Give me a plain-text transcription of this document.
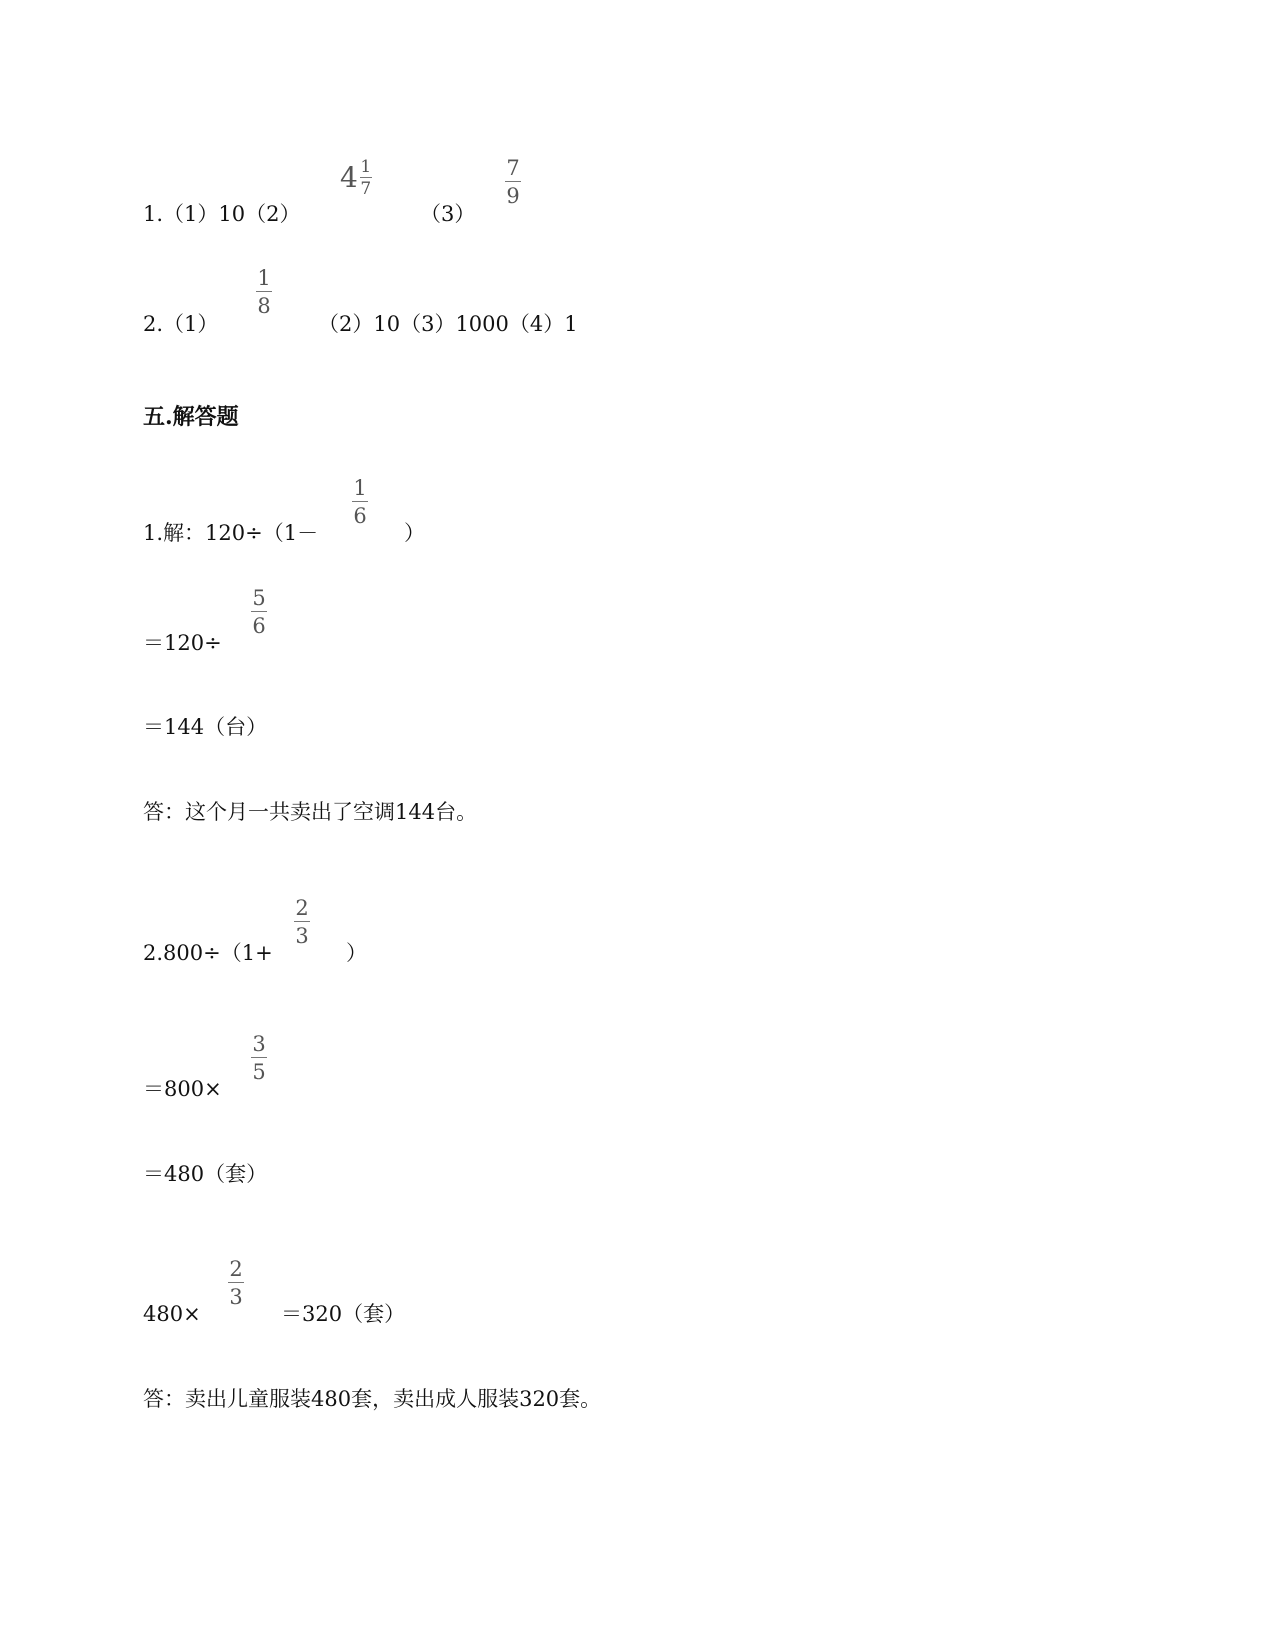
1.（1）10（2）
4 1
7
（3）
7
9
2.（1）
1
8
（2）10（3）1000（4）1
五.解答题
1.解：120÷（1－
1
6
）
＝120÷
5
6
＝144（台）
答：这个月一共卖出了空调144台。
2.800÷（1+
2
3
）
＝800×
3
5
＝480（套）
480×
2
3
＝320（套）
答：卖出儿童服装480套，卖出成人服装320套。
